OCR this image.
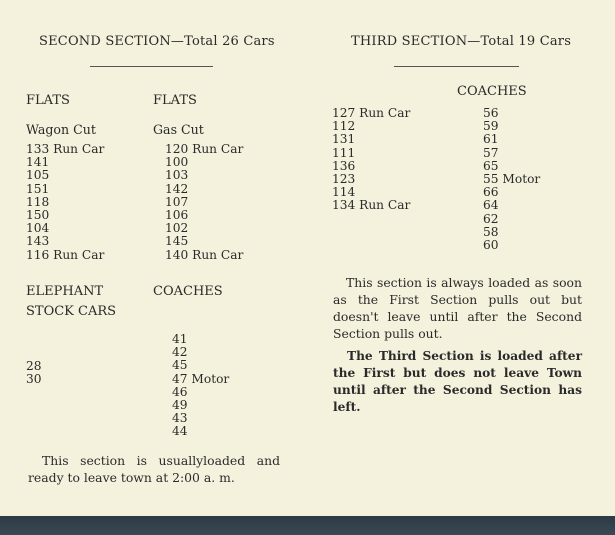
SECOND SECTION—Total 26 Cars
FLATS
Wagon Cut
133 Run Car
141
105
151
118
150
104
143
116 Run Car
FLATS
Gas Cut
120 Run Car
100
103
142
107
106
102
145
140 Run Car
ELEPHANT
STOCK CARS
28
30
COACHES
41
42
45
47 Motor
46
49
43
44
This section is usuallyloaded and ready to leave town at 2:00 a. m.
THIRD SECTION—Total 19 Cars
COACHES
127 Run Car
112
131
111
136
123
114
134 Run Car
56
59
61
57
65
55 Motor
66
64
62
58
60
This section is always loaded as soon as the First Section pulls out but doesn't leave until after the Second Section pulls out.
The Third Section is loaded after the First but does not leave Town until after the Second Section has left.
